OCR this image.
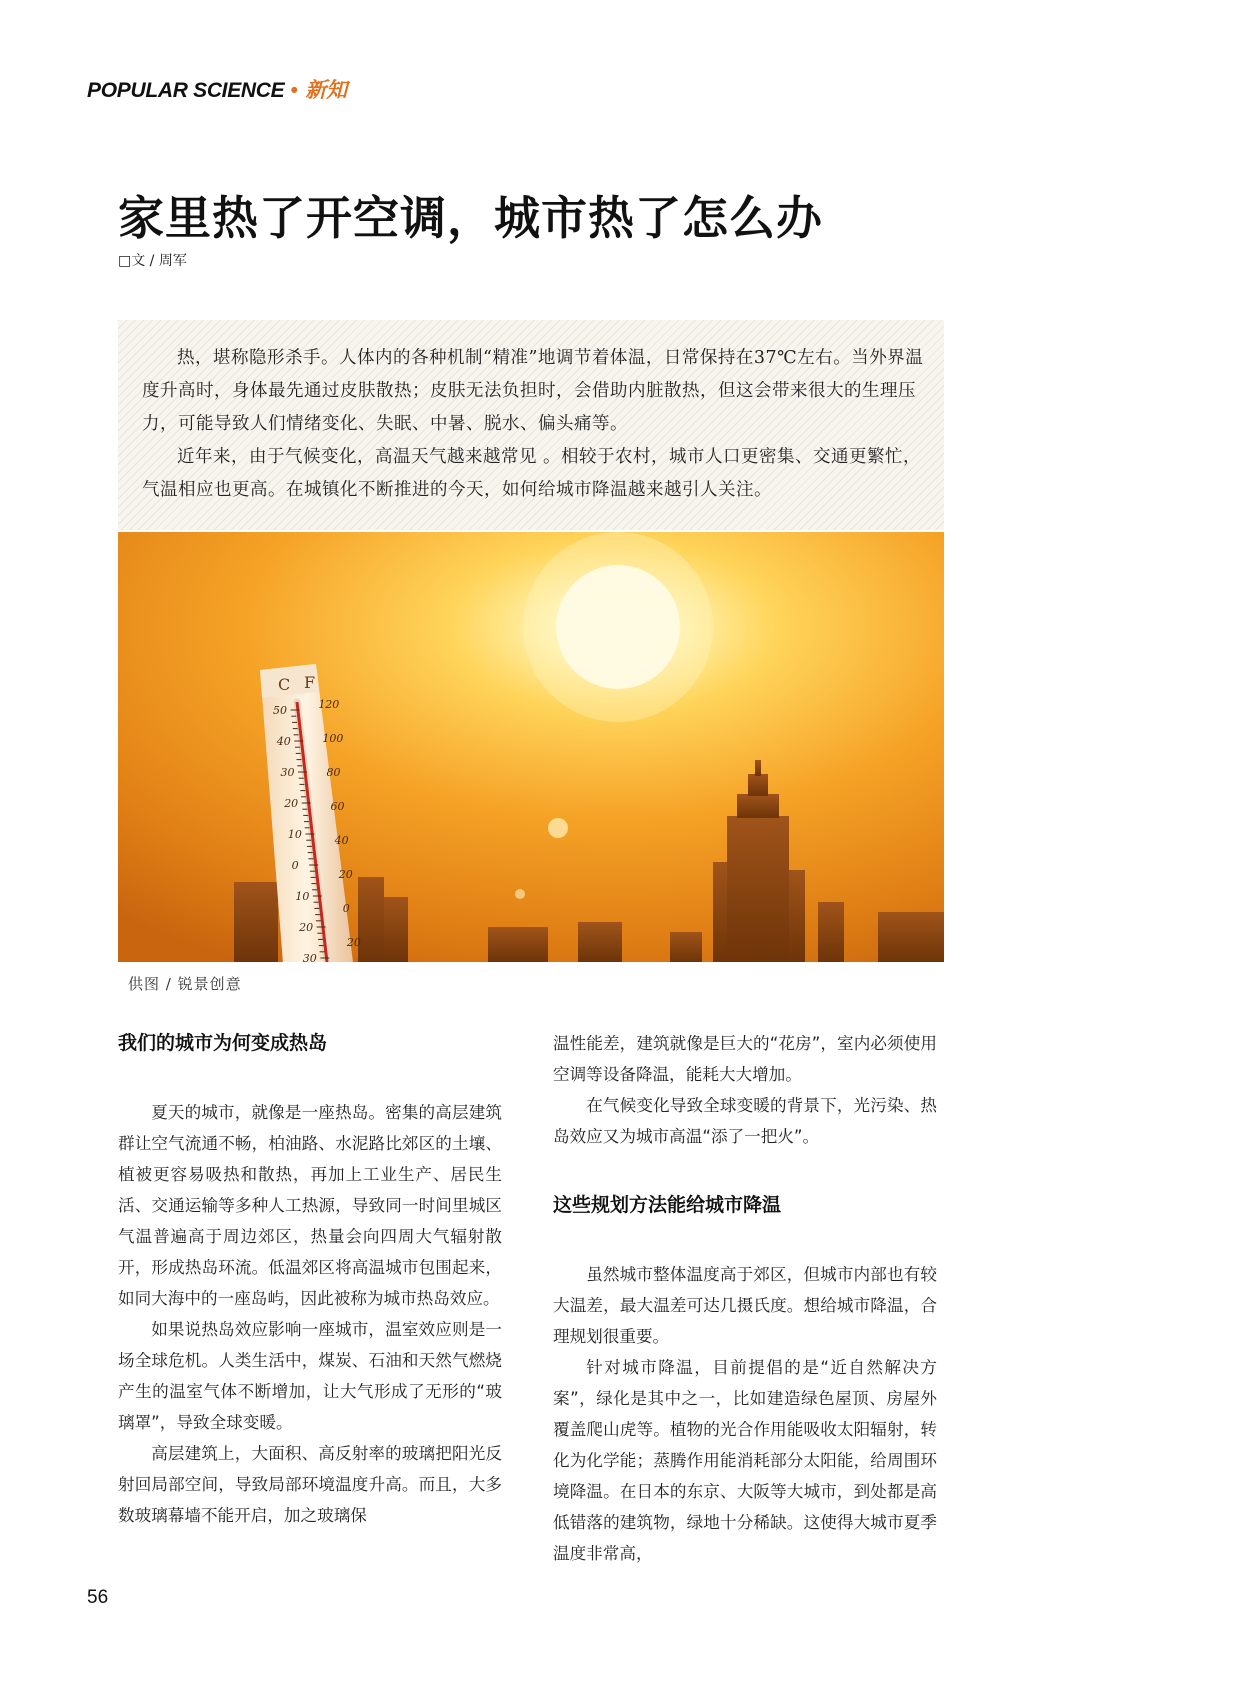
POPULAR SCIENCE • 新知
家里热了开空调，城市热了怎么办
□文 / 周军

热，堪称隐形杀手。人体内的各种机制“精准”地调节着体温，日常保持在37℃左右。当外界温度升高时，身体最先通过皮肤散热；皮肤无法负担时，会借助内脏散热，但这会带来很大的生理压力，可能导致人们情绪变化、失眠、中暑、脱水、偏头痛等。

近年来，由于气候变化，高温天气越来越常见 。相较于农村，城市人口更密集、交通更繁忙，气温相应也更高。在城镇化不断推进的今天，如何给城市降温越来越引人关注。

C F
50
40
30
20
10
0
10
20
30
120
100
80
60
40
20
0
20
供图 / 锐景创意
我们的城市为何变成热岛

夏天的城市，就像是一座热岛。密集的高层建筑群让空气流通不畅，柏油路、水泥路比郊区的土壤、植被更容易吸热和散热，再加上工业生产、居民生活、交通运输等多种人工热源，导致同一时间里城区气温普遍高于周边郊区，热量会向四周大气辐射散开，形成热岛环流。低温郊区将高温城市包围起来，如同大海中的一座岛屿，因此被称为城市热岛效应。

如果说热岛效应影响一座城市，温室效应则是一场全球危机。人类生活中，煤炭、石油和天然气燃烧产生的温室气体不断增加，让大气形成了无形的“玻璃罩”，导致全球变暖。

高层建筑上，大面积、高反射率的玻璃把阳光反射回局部空间，导致局部环境温度升高。而且，大多数玻璃幕墙不能开启，加之玻璃保

温性能差，建筑就像是巨大的“花房”，室内必须使用空调等设备降温，能耗大大增加。

在气候变化导致全球变暖的背景下，光污染、热岛效应又为城市高温“添了一把火”。

这些规划方法能给城市降温

虽然城市整体温度高于郊区，但城市内部也有较大温差，最大温差可达几摄氏度。想给城市降温，合理规划很重要。

针对城市降温，目前提倡的是“近自然解决方案”，绿化是其中之一，比如建造绿色屋顶、房屋外覆盖爬山虎等。植物的光合作用能吸收太阳辐射，转化为化学能；蒸腾作用能消耗部分太阳能，给周围环境降温。在日本的东京、大阪等大城市，到处都是高低错落的建筑物，绿地十分稀缺。这使得大城市夏季温度非常高，

56
